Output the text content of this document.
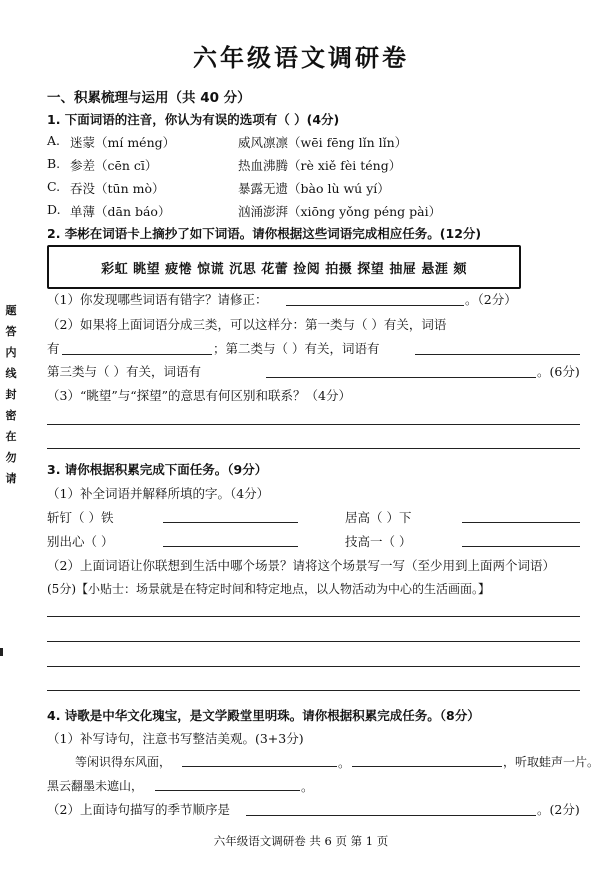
六年级语文调研卷
一、积累梳理与运用（共 40 分）
1. 下面词语的注音，你认为有误的选项有（ ）(4分)
A. 迷蒙（mí méng）	威风凛凛（wēi fēng lǐn lǐn）
B. 参差（cēn cī）	热血沸腾（rè xiě fèi téng）
C. 吞没（tūn mò）	暴露无遗（bào lù wú yí）
D. 单薄（dān báo）	汹涌澎湃（xiōng yǒng péng pài）
2. 李彬在词语卡上摘抄了如下词语。请你根据这些词语完成相应任务。(12分)
彩虹 眺望 疲惓 惊谎 沉思 花蕾 捡阅 拍摄 探望 抽屉 悬涯 颏
（1）你发现哪些词语有错字？请修正：	。（2分）
（2）如果将上面词语分成三类，可以这样分：第一类与（ ）有关，词语
有	；第二类与（ ）有关，词语有
第三类与（ ）有关，词语有	。(6分)
（3）“眺望”与“探望”的意思有何区别和联系？（4分）
3. 请你根据积累完成下面任务。（9分）
（1）补全词语并解释所填的字。（4分）
斩钉（ ）铁	居高（ ）下
别出心（ ）	技高一（ ）
（2）上面词语让你联想到生活中哪个场景？请将这个场景写一写（至少用到上面两个词语）
(5分)【小贴士：场景就是在特定时间和特定地点，以人物活动为中心的生活画面。】
4. 诗歌是中华文化瑰宝，是文学殿堂里明珠。请你根据积累完成任务。（8分）
（1）补写诗句，注意书写整洁美观。(3+3分)
等闲识得东风面，	。	，听取蛙声一片。
黑云翻墨未遮山，	。
（2）上面诗句描写的季节顺序是	。(2分)
题
答
内
线
封
密
在
勿
请
六年级语文调研卷 共 6 页 第 1 页
